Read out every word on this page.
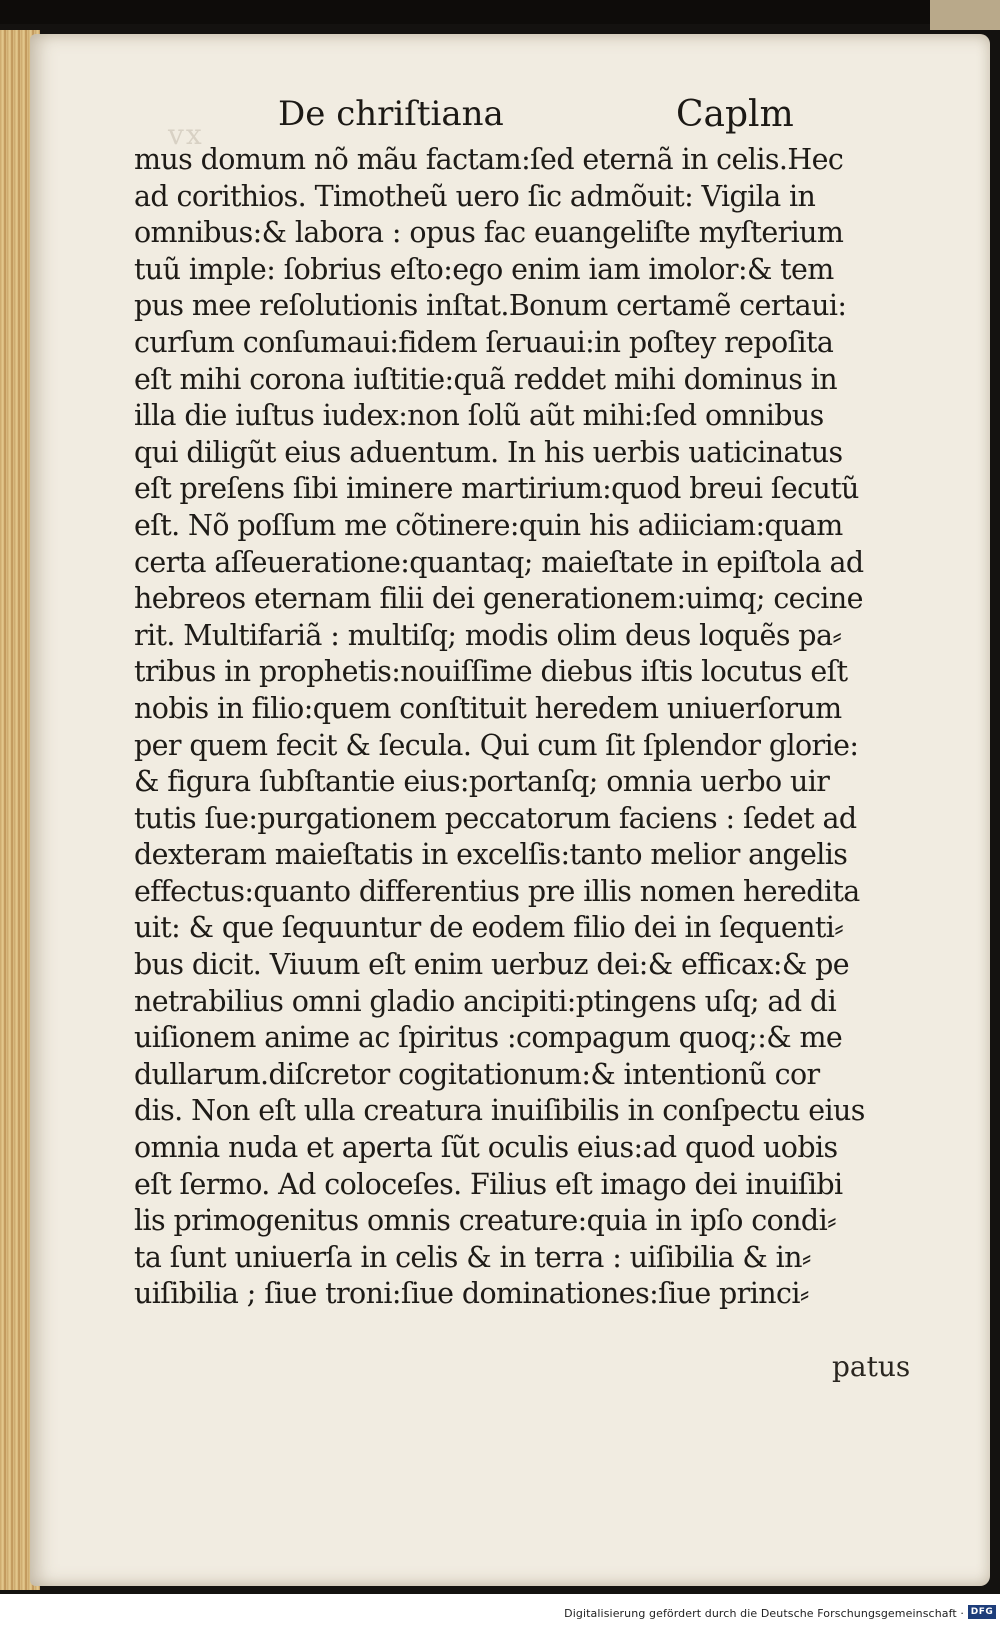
vx
De chriſtiana	Caplm
mus domum nõ mãu factam:ſed eternã in celis.Hec
ad corithios. Timotheũ uero ſic admõuit: Vigila in
omnibus:& labora : opus fac euangeliſte myſterium
tuũ imple: ſobrius eſto:ego enim iam imolor:& tem
pus mee reſolutionis inſtat.Bonum certamẽ certaui:
curſum conſumaui:fidem ſeruaui:in poſtey repoſita
eſt mihi corona iuſtitie:quã reddet mihi dominus in
illa die iuſtus iudex:non ſolũ aũt mihi:ſed omnibus
qui diligũt eius aduentum. In his uerbis uaticinatus
eſt preſens ſibi iminere martirium:quod breui ſecutũ
eſt. Nõ poſſum me cõtinere:quin his adiiciam:quam
certa aſſeueratione:quantaq; maieſtate in epiſtola ad
hebreos eternam filii dei generationem:uimq; cecine
rit. Multifariã : multiſq; modis olim deus loquẽs pa⸗
tribus in prophetis:nouiſſime diebus iſtis locutus eſt
nobis in filio:quem conſtituit heredem uniuerſorum
per quem fecit & ſecula. Qui cum ſit ſplendor glorie:
& figura ſubſtantie eius:portanſq; omnia uerbo uir
tutis ſue:purgationem peccatorum faciens : ſedet ad
dexteram maieſtatis in excelſis:tanto melior angelis
effectus:quanto differentius pre illis nomen heredita
uit: & que ſequuntur de eodem filio dei in ſequenti⸗
bus dicit. Viuum eſt enim uerbuz dei:& efficax:& pe
netrabilius omni gladio ancipiti:ptingens uſq; ad di
uiſionem anime ac ſpiritus :compagum quoq;:& me
dullarum.diſcretor cogitationum:& intentionũ cor
dis. Non eſt ulla creatura inuiſibilis in conſpectu eius
omnia nuda et aperta ſũt oculis eius:ad quod uobis
eſt ſermo. Ad coloceſes. Filius eſt imago dei inuiſibi
lis primogenitus omnis creature:quia in ipſo condi⸗
ta ſunt uniuerſa in celis & in terra : uiſibilia & in⸗
uiſibilia ; ſiue troni:ſiue dominationes:ſiue princi⸗
patus
Digitalisierung gefördert durch die Deutsche Forschungsgemeinschaft · DFG
